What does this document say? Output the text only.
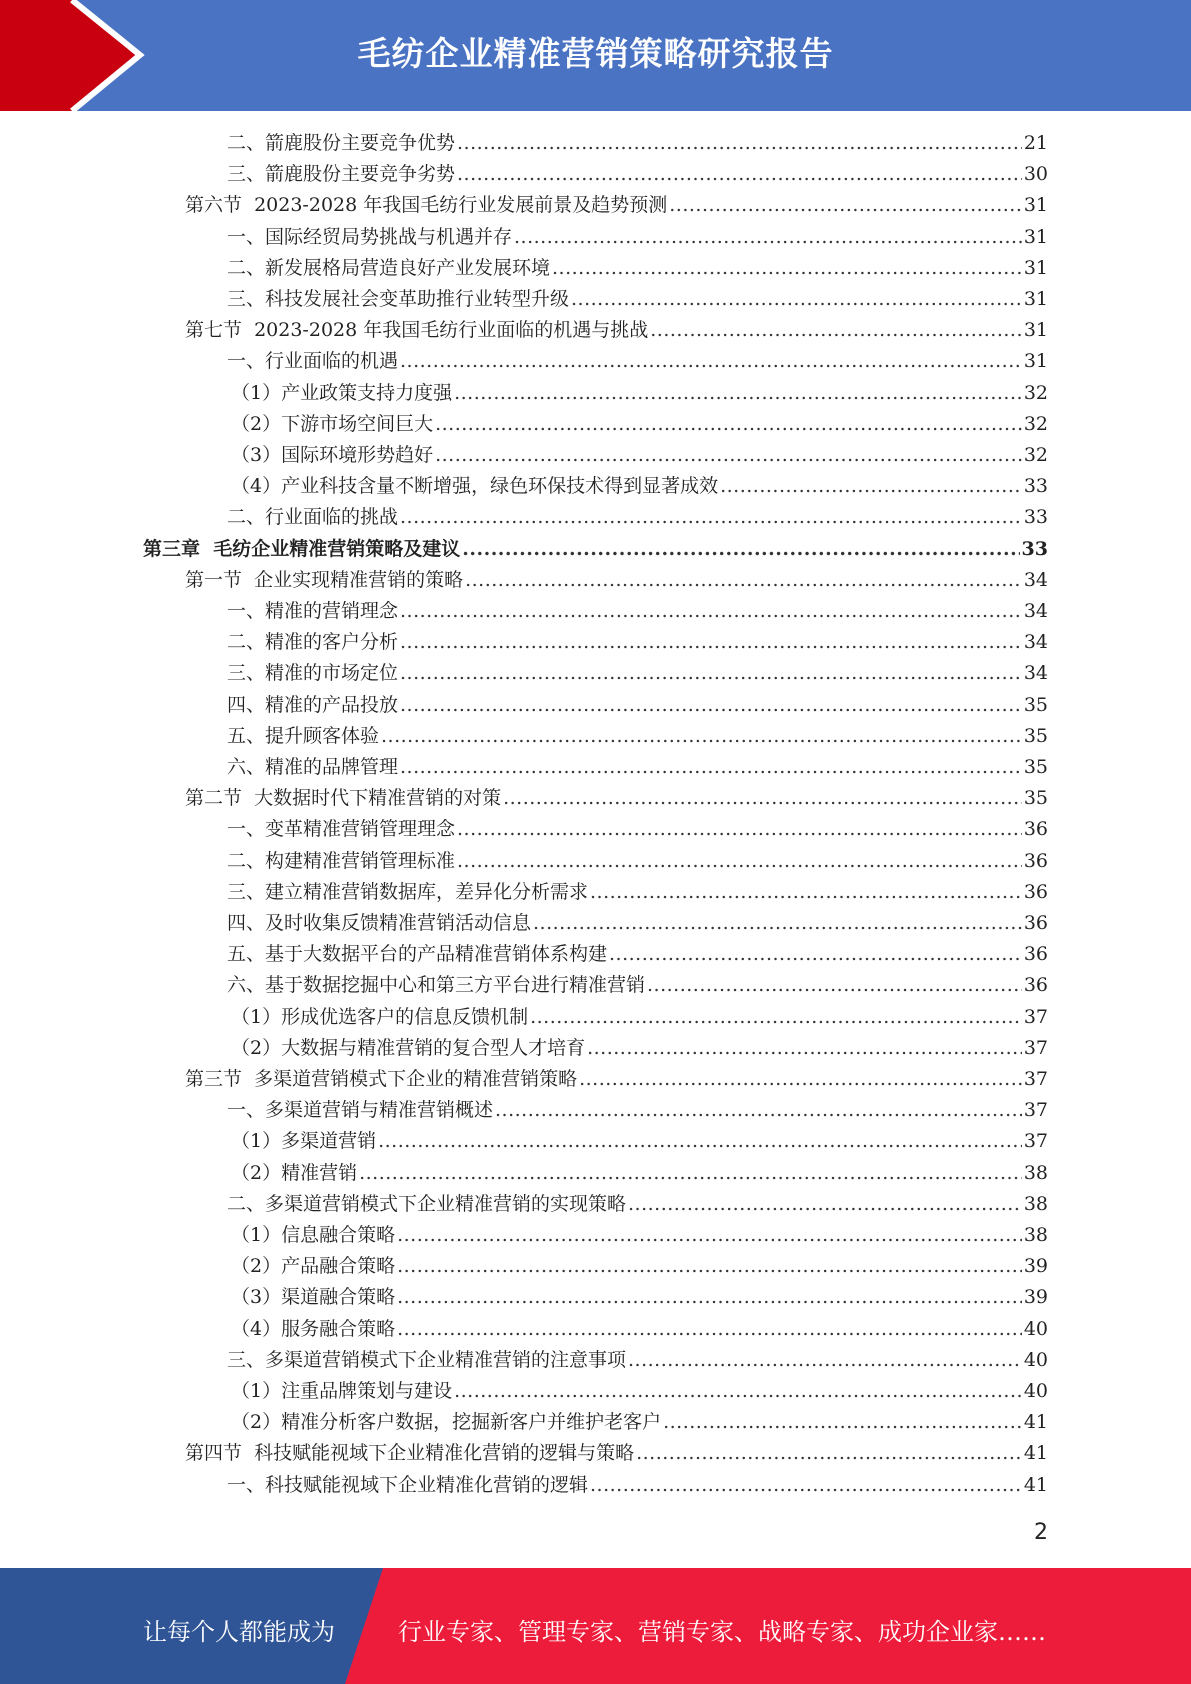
毛纺企业精准营销策略研究报告
二、箭鹿股份主要竞争优势 .....	21
三、箭鹿股份主要竞争劣势 .....	30
第六节  2023-2028 年我国毛纺行业发展前景及趋势预测 .....	31
一、国际经贸局势挑战与机遇并存 .....	31
二、新发展格局营造良好产业发展环境 .....	31
三、科技发展社会变革助推行业转型升级 .....	31
第七节  2023-2028 年我国毛纺行业面临的机遇与挑战 .....	31
一、行业面临的机遇 .....	31
（1）产业政策支持力度强 .....	32
（2）下游市场空间巨大 .....	32
（3）国际环境形势趋好 .....	32
（4）产业科技含量不断增强，绿色环保技术得到显著成效 .....	33
二、行业面临的挑战 .....	33
第三章  毛纺企业精准营销策略及建议 .....	33
第一节  企业实现精准营销的策略 .....	34
一、精准的营销理念 .....	34
二、精准的客户分析 .....	34
三、精准的市场定位 .....	34
四、精准的产品投放 .....	35
五、提升顾客体验 .....	35
六、精准的品牌管理 .....	35
第二节  大数据时代下精准营销的对策 .....	35
一、变革精准营销管理理念 .....	36
二、构建精准营销管理标准 .....	36
三、建立精准营销数据库，差异化分析需求 .....	36
四、及时收集反馈精准营销活动信息 .....	36
五、基于大数据平台的产品精准营销体系构建 .....	36
六、基于数据挖掘中心和第三方平台进行精准营销 .....	36
（1）形成优选客户的信息反馈机制 .....	37
（2）大数据与精准营销的复合型人才培育 .....	37
第三节  多渠道营销模式下企业的精准营销策略 .....	37
一、多渠道营销与精准营销概述 .....	37
（1）多渠道营销 .....	37
（2）精准营销 .....	38
二、多渠道营销模式下企业精准营销的实现策略 .....	38
（1）信息融合策略 .....	38
（2）产品融合策略 .....	39
（3）渠道融合策略 .....	39
（4）服务融合策略 .....	40
三、多渠道营销模式下企业精准营销的注意事项 .....	40
（1）注重品牌策划与建设 .....	40
（2）精准分析客户数据，挖掘新客户并维护老客户 .....	41
第四节  科技赋能视域下企业精准化营销的逻辑与策略 .....	41
一、科技赋能视域下企业精准化营销的逻辑 .....	41
2
让每个人都能成为	行业专家、管理专家、营销专家、战略专家、成功企业家……
